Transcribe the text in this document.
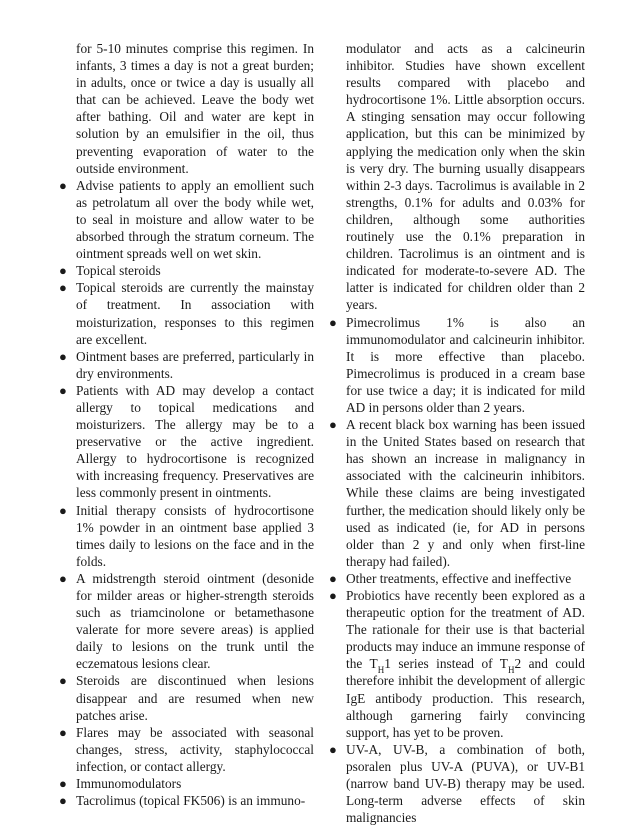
for 5-10 minutes comprise this regimen. In infants, 3 times a day is not a great burden; in adults, once or twice a day is usually all that can be achieved. Leave the body wet after bathing. Oil and water are kept in solution by an emulsifier in the oil, thus preventing evaporation of water to the outside environment.

● Advise patients to apply an emollient such as petrolatum all over the body while wet, to seal in moisture and allow water to be absorbed through the stratum corneum. The ointment spreads well on wet skin.

● Topical steroids

● Topical steroids are currently the mainstay of treatment. In association with moisturization, responses to this regimen are excellent.

● Ointment bases are preferred, particularly in dry environments.

● Patients with AD may develop a contact allergy to topical medications and moisturizers. The allergy may be to a preservative or the active ingredient. Allergy to hydrocortisone is recognized with increasing frequency. Preservatives are less commonly present in ointments.

● Initial therapy consists of hydrocortisone 1% powder in an ointment base applied 3 times daily to lesions on the face and in the folds.

● A midstrength steroid ointment (desonide for milder areas or higher-strength steroids such as triamcinolone or betamethasone valerate for more severe areas) is applied daily to lesions on the trunk until the eczematous lesions clear.

● Steroids are discontinued when lesions disappear and are resumed when new patches arise.

● Flares may be associated with seasonal changes, stress, activity, staphylococcal infection, or contact allergy.

● Immunomodulators

● Tacrolimus (topical FK506) is an immuno-

modulator and acts as a calcineurin inhibitor. Studies have shown excellent results compared with placebo and hydrocortisone 1%. Little absorption occurs. A stinging sensation may occur following application, but this can be minimized by applying the medication only when the skin is very dry. The burning usually disappears within 2-3 days. Tacrolimus is available in 2 strengths, 0.1% for adults and 0.03% for children, although some authorities routinely use the 0.1% preparation in children. Tacrolimus is an ointment and is indicated for moderate-to-severe AD. The latter is indicated for children older than 2 years.

● Pimecrolimus 1% is also an immunomodulator and calcineurin inhibitor. It is more effective than placebo. Pimecrolimus is produced in a cream base for use twice a day; it is indicated for mild AD in persons older than 2 years.

● A recent black box warning has been issued in the United States based on research that has shown an increase in malignancy in associated with the calcineurin inhibitors. While these claims are being investigated further, the medication should likely only be used as indicated (ie, for AD in persons older than 2 y and only when first-line therapy had failed).

● Other treatments, effective and ineffective

● Probiotics have recently been explored as a therapeutic option for the treatment of AD. The rationale for their use is that bacterial products may induce an immune response of the $T_H1$ series instead of $T_H2$ and could therefore inhibit the development of allergic IgE antibody production. This research, although garnering fairly convincing support, has yet to be proven.

● UV-A, UV-B, a combination of both, psoralen plus UV-A (PUVA), or UV-B1 (narrow band UV-B) therapy may be used. Long-term adverse effects of skin malignancies
